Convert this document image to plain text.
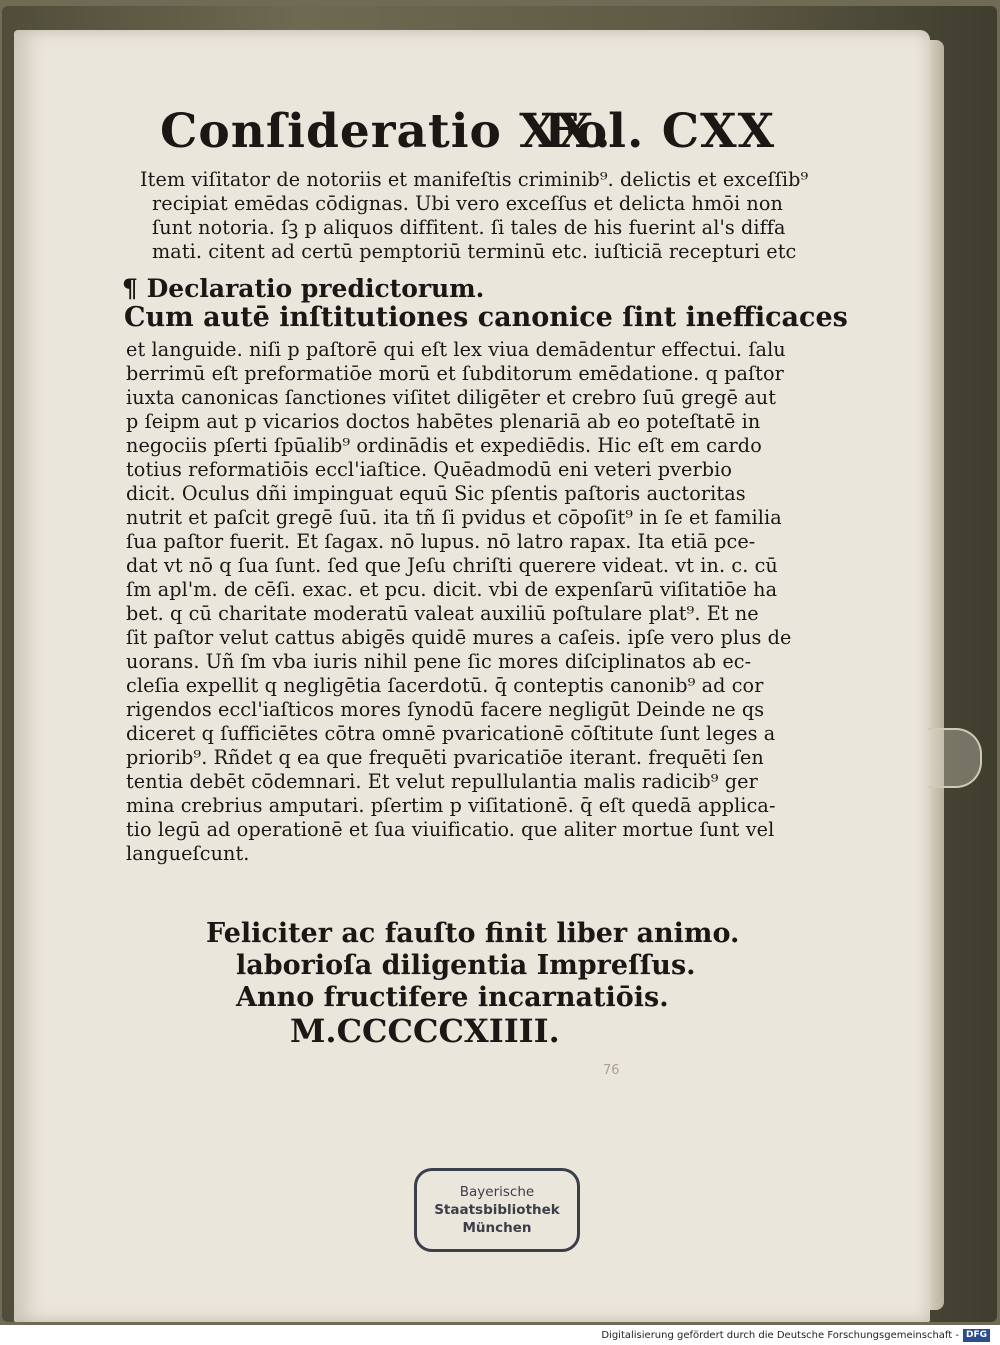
Conſideratio XX.
Fol. CXX
Item viſitator de notoriis et manifeſtis criminib⁹. delictis et exceſſib⁹
recipiat emēdas cōdignas. Ubi vero exceſſus et delicta hmōi non
ſunt notoria. ſꝫ p aliquos diffitent. ſi tales de his fuerint al's diffa
mati. citent ad certū pemptoriū terminū etc. iuſticiā recepturi etc
¶ Declaratio predictorum.
Cum autē inſtitutiones canonice ſint inefficaces
et languide. niſi p paſtorē qui eſt lex viua demādentur effectui. ſalu
berrimū eſt preformatiōe morū et ſubditorum emēdatione. q paſtor
iuxta canonicas ſanctiones viſitet diligēter et crebro ſuū gregē aut
p ſeipm aut p vicarios doctos habētes plenariā ab eo poteſtatē in
negociis pſerti ſpūalib⁹ ordinādis et expediēdis. Hic eſt em cardo
totius reformatiōis eccl'iaſtice. Quēadmodū eni veteri pverbio
dicit. Oculus dñi impinguat equū Sic pſentis paſtoris auctoritas
nutrit et paſcit gregē ſuū. ita tñ ſi pvidus et cōpoſit⁹ in ſe et familia
ſua paſtor fuerit. Et ſagax. nō lupus. nō latro rapax. Ita etiā pce-
dat vt nō q ſua ſunt. ſed que Jeſu chriſti querere videat. vt in. c. cū
ſm apl'm. de cēſi. exac. et pcu. dicit. vbi de expenſarū viſitatiōe ha
bet. q cū charitate moderatū valeat auxiliū poſtulare plat⁹. Et ne
ſit paſtor velut cattus abigēs quidē mures a caſeis. ipſe vero plus de
uorans. Uñ ſm vba iuris nihil pene ſic mores diſciplinatos ab ec-
cleſia expellit q negligētia ſacerdotū. q̄ conteptis canonib⁹ ad cor
rigendos eccl'iaſticos mores ſynodū facere negligūt Deinde ne qs
diceret q ſufficiētes cōtra omnē pvaricationē cōſtitute ſunt leges a
priorib⁹. Rñdet q ea que frequēti pvaricatiōe iterant. frequēti ſen
tentia debēt cōdemnari. Et velut repullulantia malis radicib⁹ ger
mina crebrius amputari. pſertim p viſitationē. q̄ eſt quedā applica-
tio legū ad operationē et ſua viuificatio. que aliter mortue ſunt vel
langueſcunt.
Feliciter ac fauſto finit liber animo.
laborioſa diligentia Impreſſus.
Anno fructifere incarnatiōis.
M.CCCCCXIIII.
76
Bayerische
Staatsbibliothek
München
Digitalisierung gefördert durch die Deutsche Forschungsgemeinschaft - DFG
